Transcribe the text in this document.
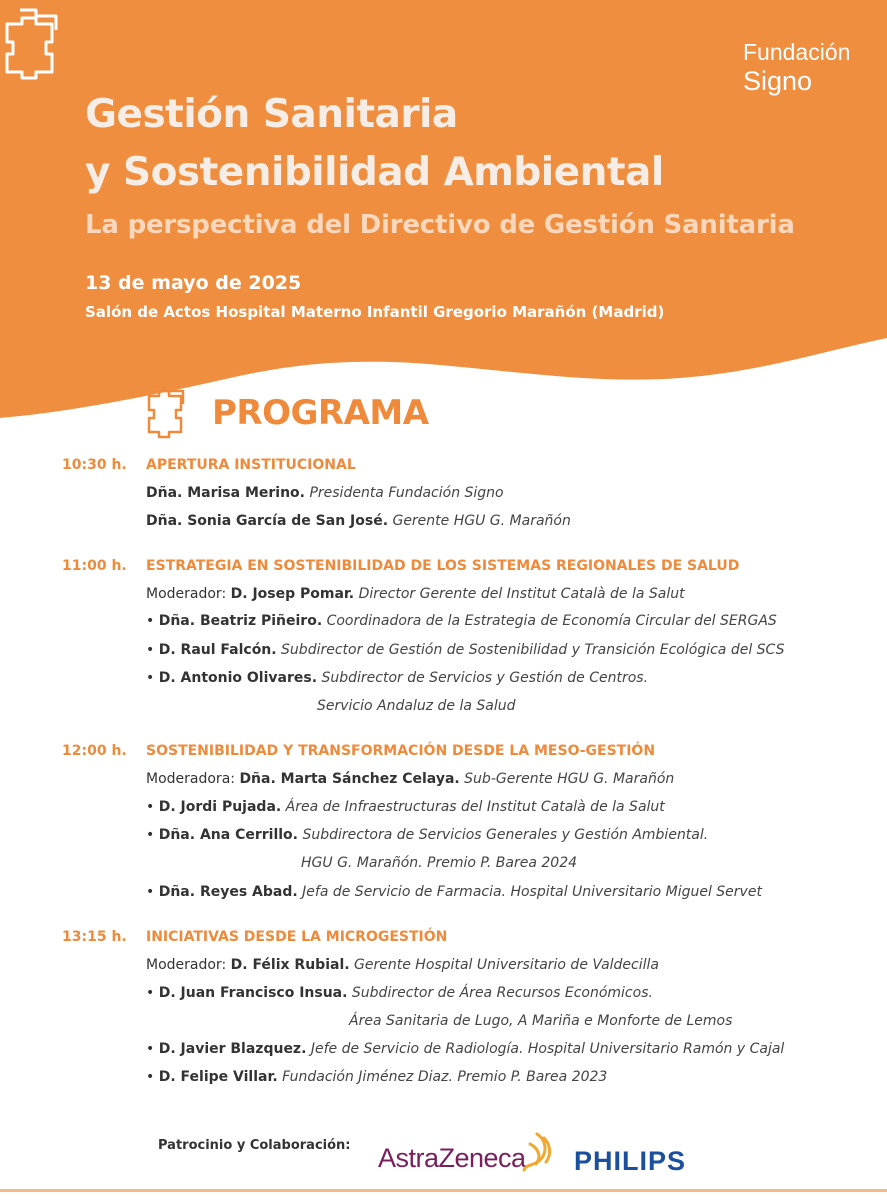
Fundación
Signo
Gestión Sanitaria
y Sostenibilidad Ambiental
La perspectiva del Directivo de Gestión Sanitaria
13 de mayo de 2025
Salón de Actos Hospital Materno Infantil Gregorio Marañón (Madrid)
PROGRAMA
10:30 h. APERTURA INSTITUCIONAL
Dña. Marisa Merino. Presidenta Fundación Signo
Dña. Sonia García de San José. Gerente HGU G. Marañón
11:00 h. ESTRATEGIA EN SOSTENIBILIDAD DE LOS SISTEMAS REGIONALES DE SALUD
Moderador: D. Josep Pomar. Director Gerente del Institut Català de la Salut
• Dña. Beatriz Piñeiro. Coordinadora de la Estrategia de Economía Circular del SERGAS
• D. Raul Falcón. Subdirector de Gestión de Sostenibilidad y Transición Ecológica del SCS
• D. Antonio Olivares. Subdirector de Servicios y Gestión de Centros.
Servicio Andaluz de la Salud
12:00 h. SOSTENIBILIDAD Y TRANSFORMACIÓN DESDE LA MESO-GESTIÓN
Moderadora: Dña. Marta Sánchez Celaya. Sub-Gerente HGU G. Marañón
• D. Jordi Pujada. Área de Infraestructuras del Institut Català de la Salut
• Dña. Ana Cerrillo. Subdirectora de Servicios Generales y Gestión Ambiental.
HGU G. Marañón. Premio P. Barea 2024
• Dña. Reyes Abad. Jefa de Servicio de Farmacia. Hospital Universitario Miguel Servet
13:15 h. INICIATIVAS DESDE LA MICROGESTIÓN
Moderador: D. Félix Rubial. Gerente Hospital Universitario de Valdecilla
• D. Juan Francisco Insua. Subdirector de Área Recursos Económicos.
Área Sanitaria de Lugo, A Mariña e Monforte de Lemos
• D. Javier Blazquez. Jefe de Servicio de Radiología. Hospital Universitario Ramón y Cajal
• D. Felipe Villar. Fundación Jiménez Diaz. Premio P. Barea 2023
Patrocinio y Colaboración: AstraZeneca PHILIPS
